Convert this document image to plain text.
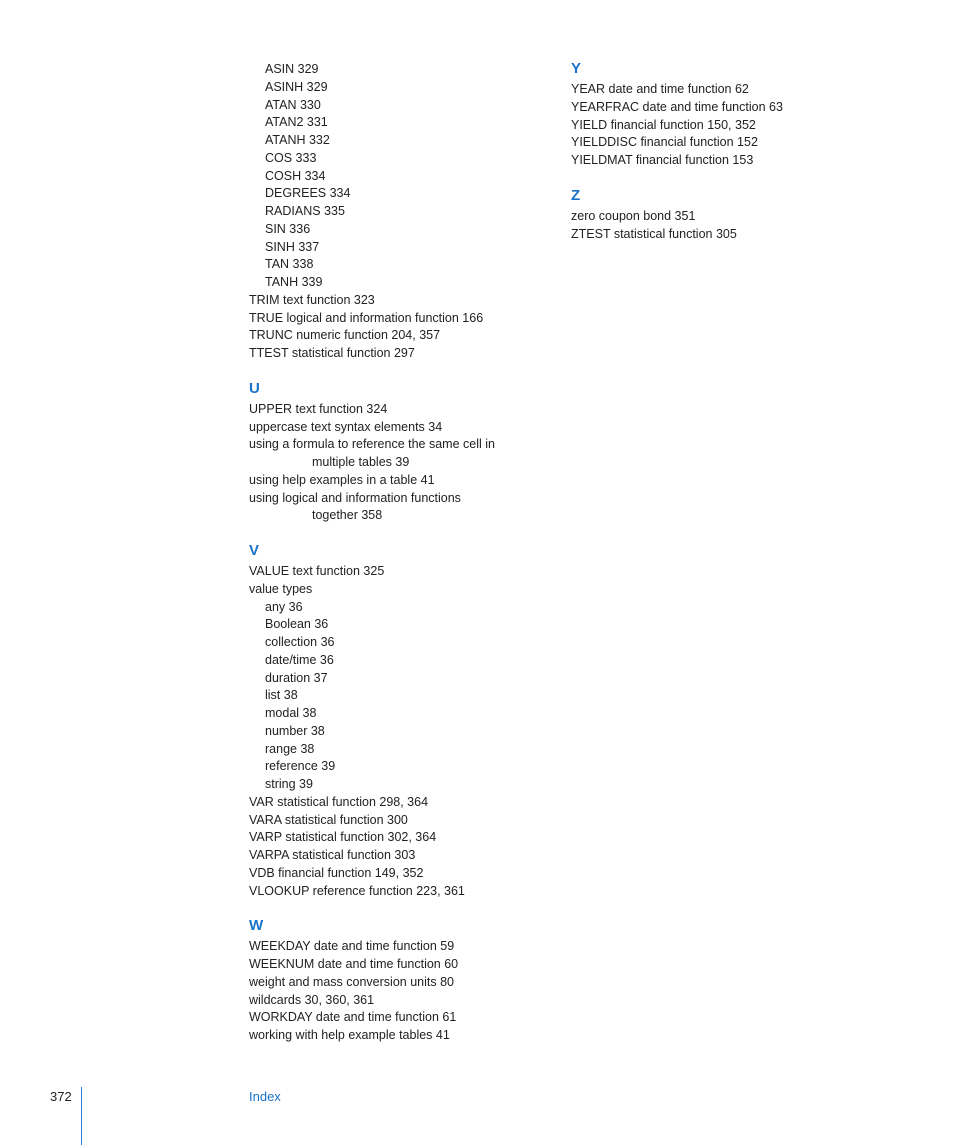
ASIN 329
ASINH 329
ATAN 330
ATAN2 331
ATANH 332
COS 333
COSH 334
DEGREES 334
RADIANS 335
SIN 336
SINH 337
TAN 338
TANH 339
TRIM text function 323
TRUE logical and information function 166
TRUNC numeric function 204, 357
TTEST statistical function 297
U
UPPER text function 324
uppercase text syntax elements 34
using a formula to reference the same cell in
multiple tables 39
using help examples in a table 41
using logical and information functions
together 358
V
VALUE text function 325
value types
any 36
Boolean 36
collection 36
date/time 36
duration 37
list 38
modal 38
number 38
range 38
reference 39
string 39
VAR statistical function 298, 364
VARA statistical function 300
VARP statistical function 302, 364
VARPA statistical function 303
VDB financial function 149, 352
VLOOKUP reference function 223, 361
W
WEEKDAY date and time function 59
WEEKNUM date and time function 60
weight and mass conversion units 80
wildcards 30, 360, 361
WORKDAY date and time function 61
working with help example tables 41
Y
YEAR date and time function 62
YEARFRAC date and time function 63
YIELD financial function 150, 352
YIELDDISC financial function 152
YIELDMAT financial function 153
Z
zero coupon bond 351
ZTEST statistical function 305
372	Index
